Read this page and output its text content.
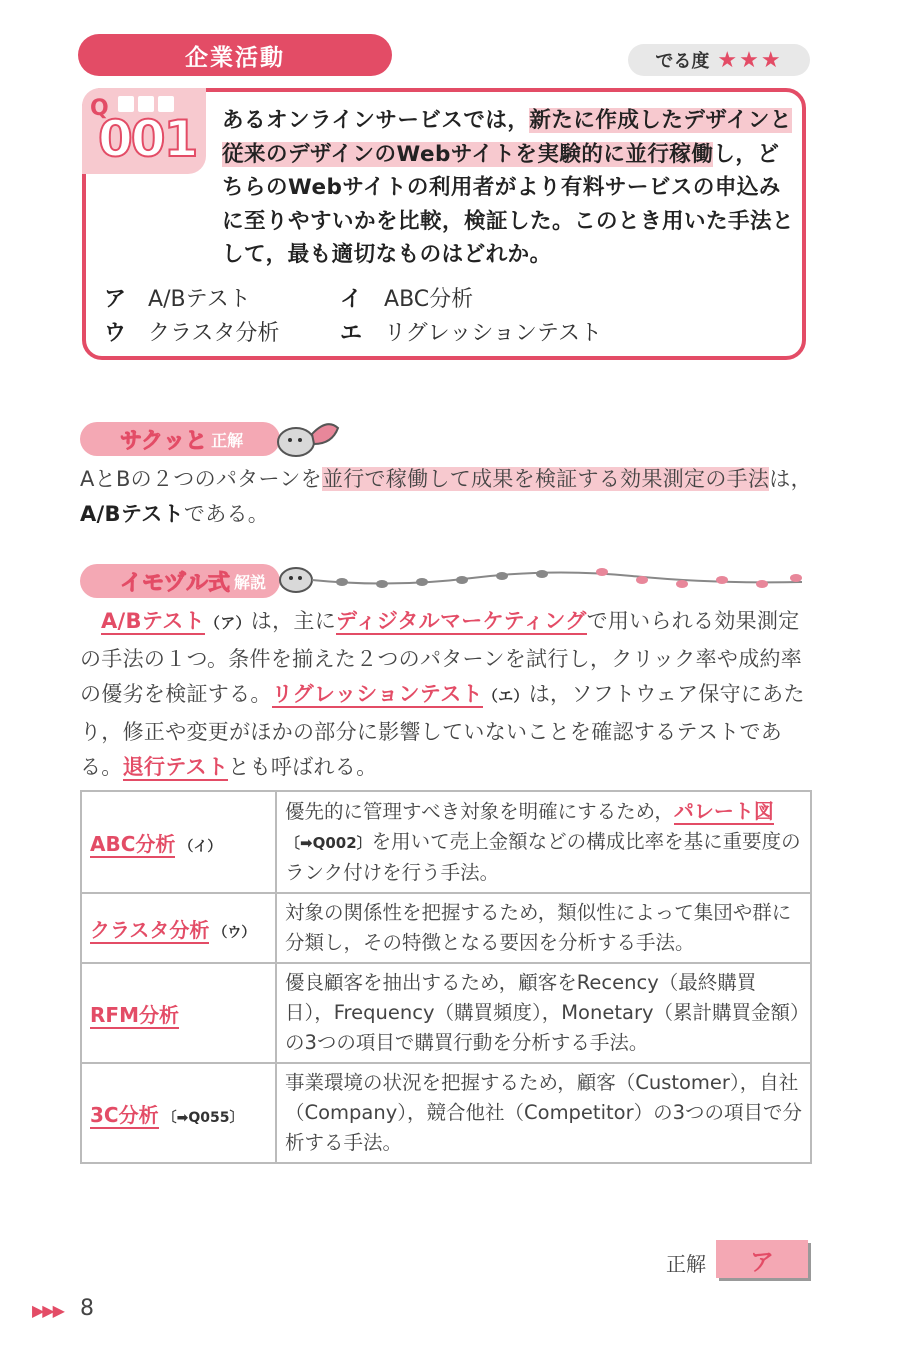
企業活動	でる度 ★★★
Q
001 あるオンラインサービスでは，新たに作成したデザインと従来のデザインのWebサイトを実験的に並行稼働し，どちらのWebサイトの利用者がより有料サービスの申込みに至りやすいかを比較，検証した。このとき用いた手法として，最も適切なものはどれか。
ア A/Bテスト	イ ABC分析
ウ クラスタ分析	エ リグレッションテスト
サクッと 正解
AとBの２つのパターンを並行で稼働して成果を検証する効果測定の手法は，A/Bテストである。
イモヅル式 解説
A/Bテスト（ア）は，主にディジタルマーケティングで用いられる効果測定の手法の１つ。条件を揃えた２つのパターンを試行し，クリック率や成約率の優劣を検証する。リグレッションテスト（エ）は，ソフトウェア保守にあたり，修正や変更がほかの部分に影響していないことを確認するテストである。退行テストとも呼ばれる。
ABC分析 （イ）	優先的に管理すべき対象を明確にするため，パレート図〔➡Q002〕を用いて売上金額などの構成比率を基に重要度のランク付けを行う手法。
クラスタ分析 （ウ）	対象の関係性を把握するため，類似性によって集団や群に分類し，その特徴となる要因を分析する手法。
RFM分析	優良顧客を抽出するため，顧客をRecency（最終購買日），Frequency（購買頻度），Monetary（累計購買金額）の3つの項目で購買行動を分析する手法。
3C分析 〔➡Q055〕	事業環境の状況を把握するため，顧客（Customer），自社（Company），競合他社（Competitor）の3つの項目で分析する手法。
正解 ア
▶▶▶ 8
